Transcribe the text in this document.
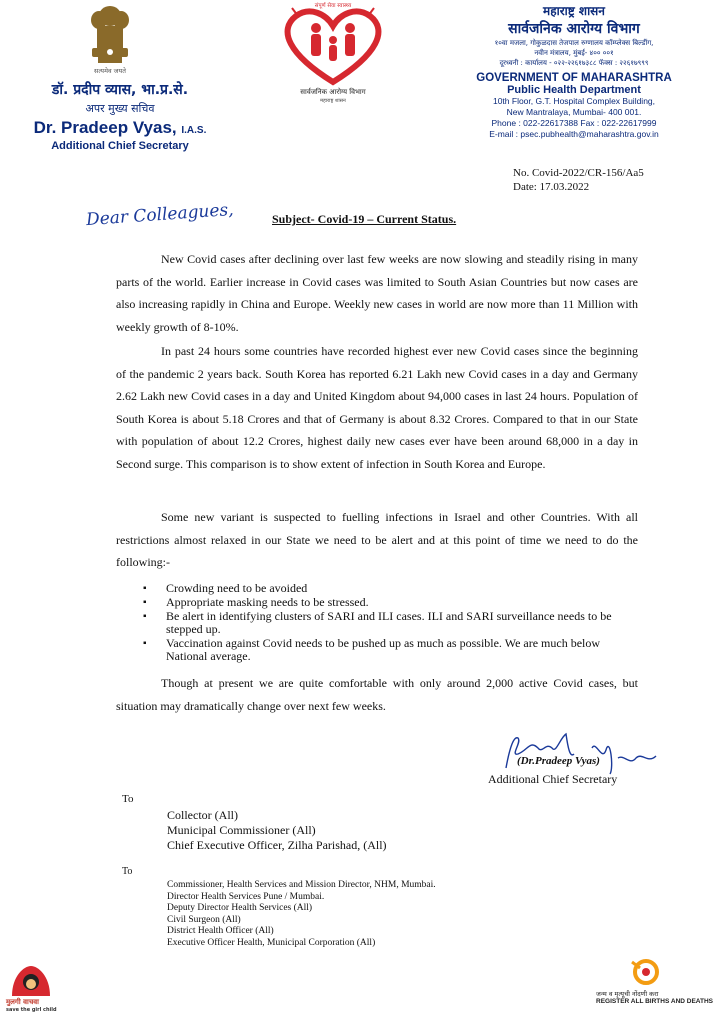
सत्यमेव जयते
डॉ. प्रदीप व्यास, भा.प्र.से.
अपर मुख्य सचिव
Dr. Pradeep Vyas, I.A.S.
Additional Chief Secretary
संपूर्ण सेवा स्वास्थ्य
सार्वजनिक आरोग्य विभाग
महाराष्ट्र शासन
महाराष्ट्र शासन
सार्वजनिक आरोग्य विभाग
१०वा मजला, गोकुळदास तेजपाल रुग्णालय कॉम्प्लेक्स बिल्डींग,
नवीन मंत्रालय, मुंबई- ४०० ००१
दूरध्वनी : कार्यालय - ०२२-२२६१७३८८ फॅक्स : २२६१७९९९
GOVERNMENT OF MAHARASHTRA
Public Health Department
10th Floor, G.T. Hospital Complex Building,
New Mantralaya, Mumbai- 400 001.
Phone : 022-22617388 Fax : 022-22617999
E-mail : psec.pubhealth@maharashtra.gov.in
No. Covid-2022/CR-156/Aa5
Date: 17.03.2022
Dear Colleagues,	Subject- Covid-19 – Current Status.
New Covid cases after declining over last few weeks are now slowing and steadily rising in many parts of the world. Earlier increase in Covid cases was limited to South Asian Countries but now cases are also increasing rapidly in China and Europe. Weekly new cases in world are now more than 11 Million with weekly growth of 8-10%.
In past 24 hours some countries have recorded highest ever new Covid cases since the beginning of the pandemic 2 years back. South Korea has reported 6.21 Lakh new Covid cases in a day and Germany 2.62 Lakh new Covid cases in a day and United Kingdom about 94,000 cases in last 24 hours. Population of South Korea is about 5.18 Crores and that of Germany is about 8.32 Crores. Compared to that in our State with population of about 12.2 Crores, highest daily new cases ever have been around 68,000 in a day in Second surge. This comparison is to show extent of infection in South Korea and Europe.
Some new variant is suspected to fuelling infections in Israel and other Countries. With all restrictions almost relaxed in our State we need to be alert and at this point of time we need to do the following:-
▪ Crowding need to be avoided
▪ Appropriate masking needs to be stressed.
▪ Be alert in identifying clusters of SARI and ILI cases. ILI and SARI surveillance needs to be stepped up.
▪ Vaccination against Covid needs to be pushed up as much as possible. We are much below National average.
Though at present we are quite comfortable with only around 2,000 active Covid cases, but situation may dramatically change over next few weeks.
(Dr.Pradeep Vyas)
Additional Chief Secretary
To
Collector (All)
Municipal Commissioner (All)
Chief Executive Officer, Zilha Parishad, (All)
To
Commissioner, Health Services and Mission Director, NHM, Mumbai.
Director Health Services Pune / Mumbai.
Deputy Director Health Services (All)
Civil Surgeon (All)
District Health Officer (All)
Executive Officer Health, Municipal Corporation (All)
मुलगी वाचवा
save the girl child
जन्म व मृत्यूची नोंदणी करा
REGISTER ALL BIRTHS AND DEATHS
